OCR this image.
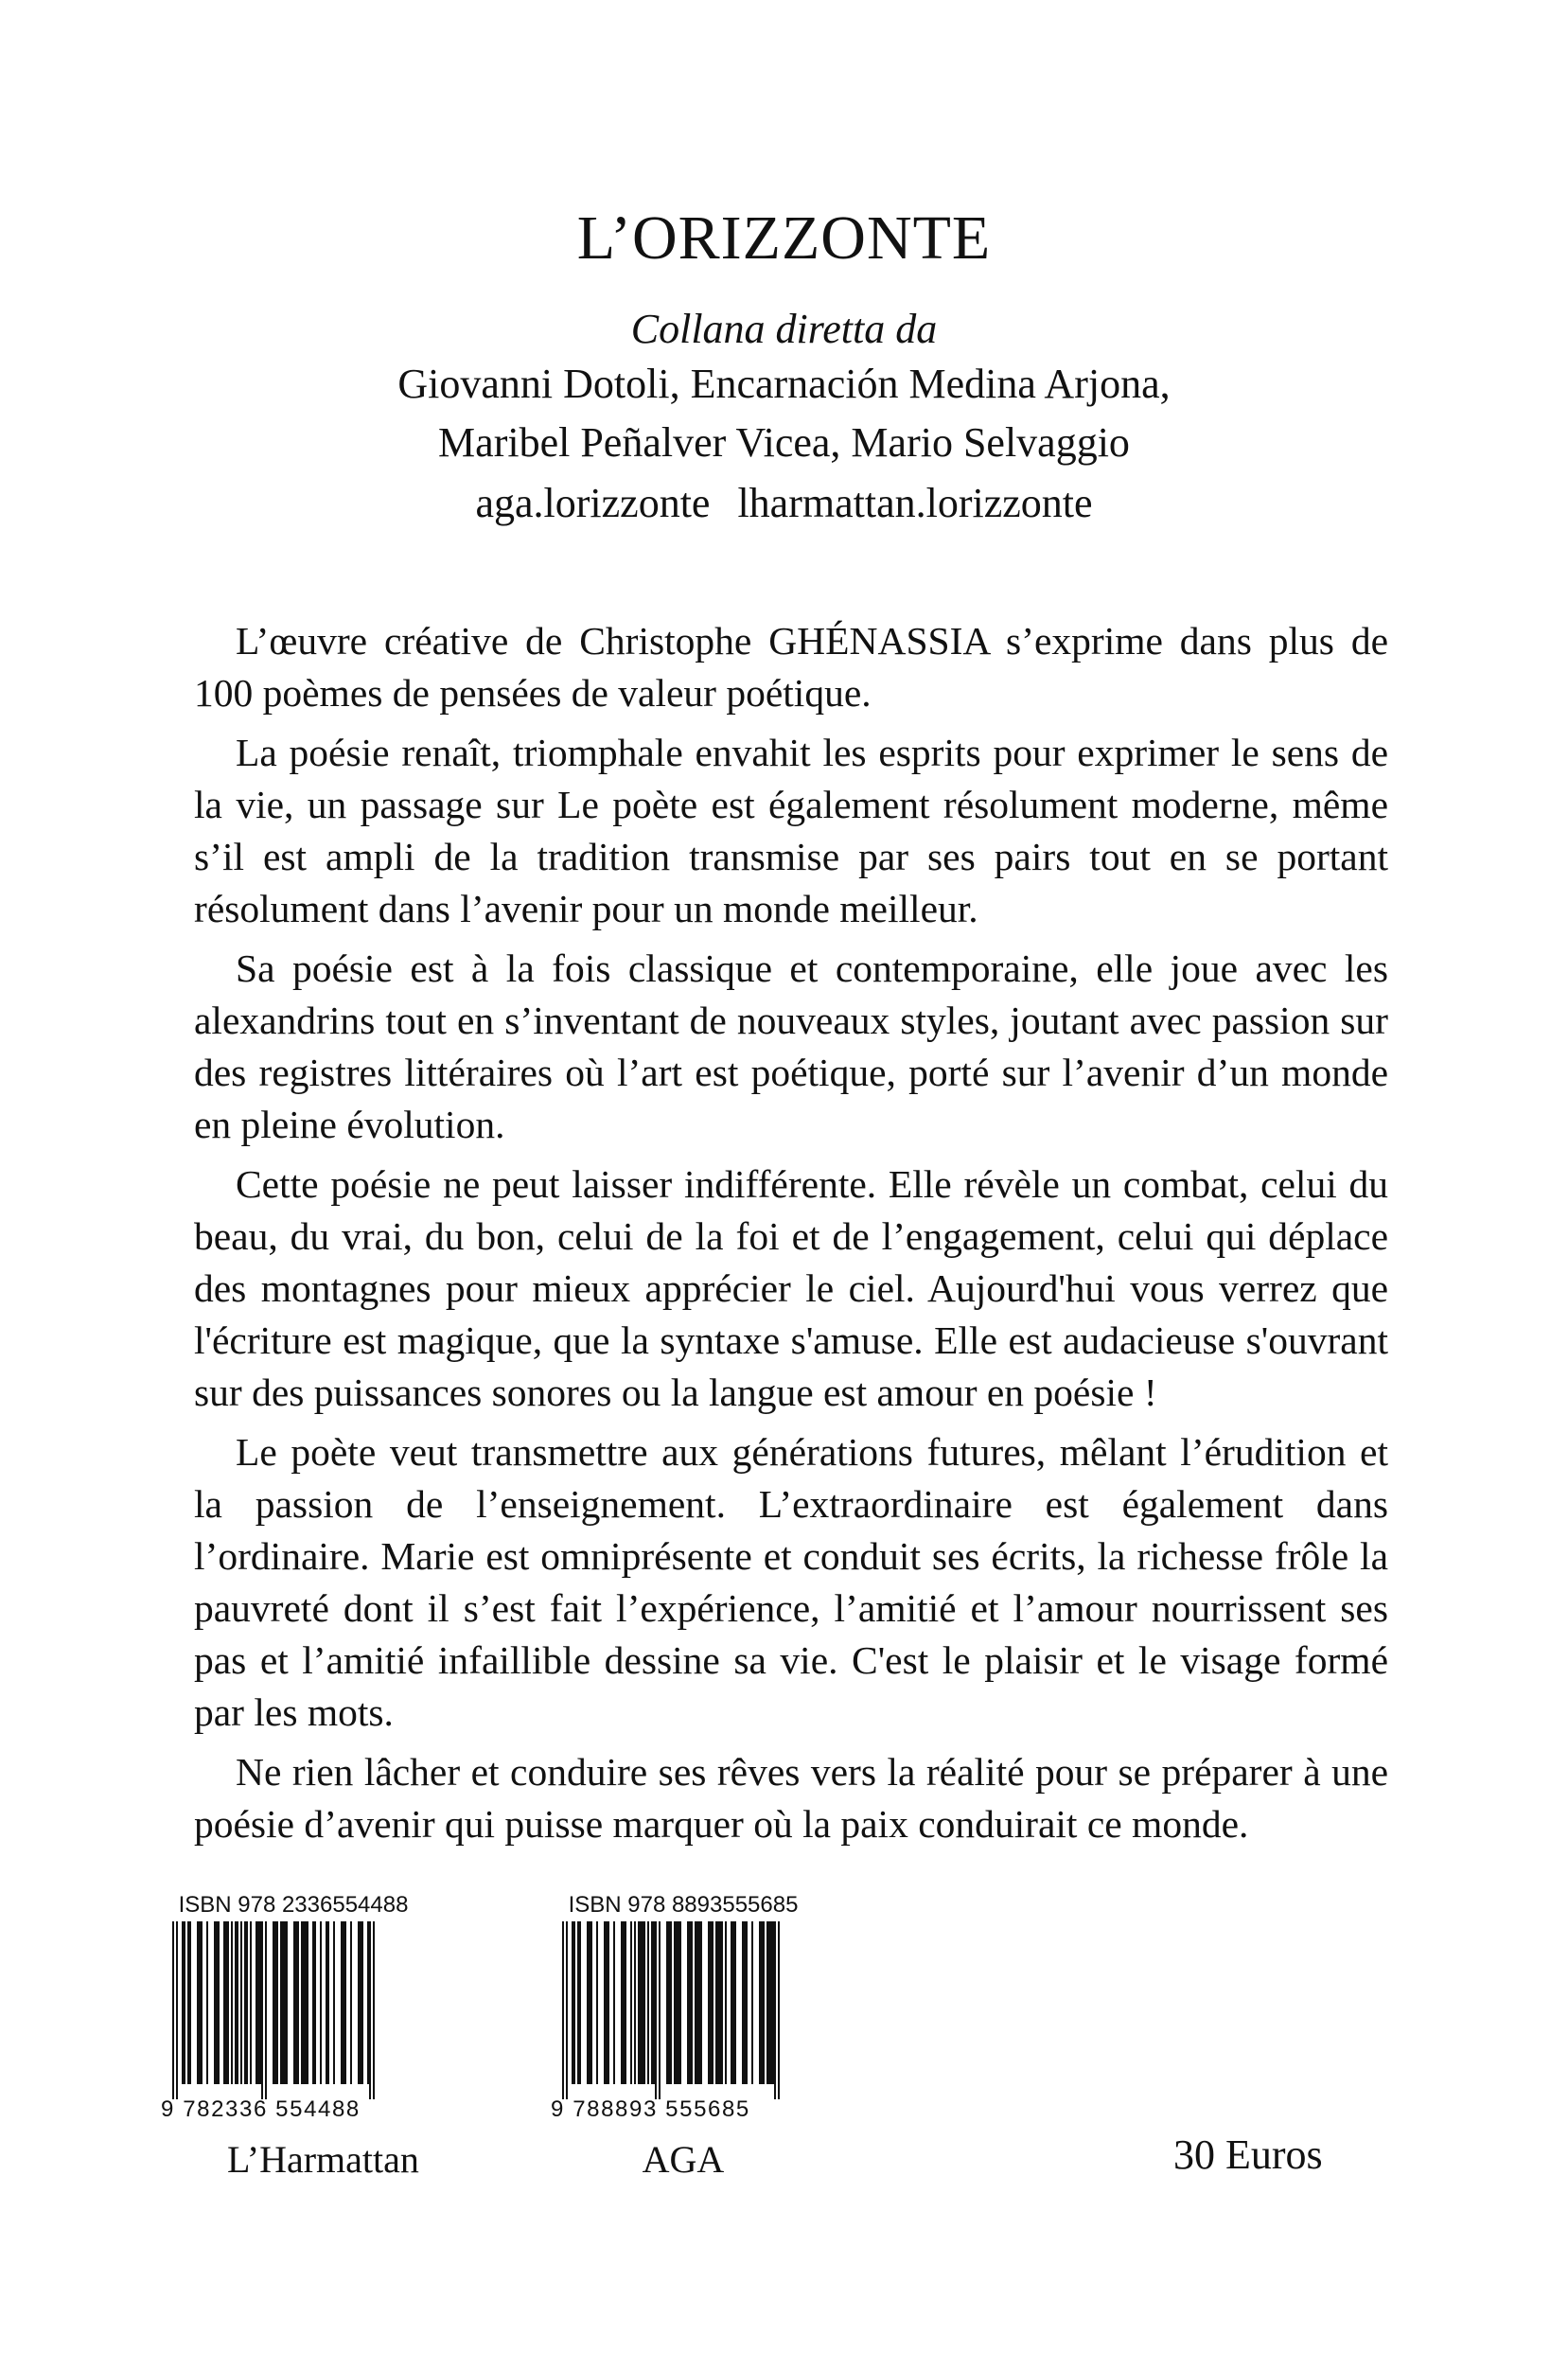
L’ORIZZONTE
Collana diretta da
Giovanni Dotoli, Encarnación Medina Arjona,
Maribel Peñalver Vicea, Mario Selvaggio
aga.lorizzonte lharmattan.lorizzonte

L’œuvre créative de Christophe GHÉNASSIA s’exprime dans plus de 100 poèmes de pensées de valeur poétique.

La poésie renaît, triomphale envahit les esprits pour exprimer le sens de la vie, un passage sur Le poète est également résolument moderne, même s’il est ampli de la tradition transmise par ses pairs tout en se portant résolument dans l’avenir pour un monde meilleur.

Sa poésie est à la fois classique et contemporaine, elle joue avec les alexandrins tout en s’inventant de nouveaux styles, joutant avec passion sur des registres littéraires où l’art est poétique, porté sur l’avenir d’un monde en pleine évolution.

Cette poésie ne peut laisser indifférente. Elle révèle un combat, celui du beau, du vrai, du bon, celui de la foi et de l’engagement, celui qui déplace des montagnes pour mieux apprécier le ciel. Aujourd'hui vous verrez que l'écriture est magique, que la syntaxe s'amuse. Elle est audacieuse s'ouvrant sur des puissances sonores ou la langue est amour en poésie !

Le poète veut transmettre aux générations futures, mêlant l’érudition et la passion de l’enseignement. L’extraordinaire est également dans l’ordinaire. Marie est omniprésente et conduit ses écrits, la richesse frôle la pauvreté dont il s’est fait l’expérience, l’amitié et l’amour nourrissent ses pas et l’amitié infaillible dessine sa vie. C'est le plaisir et le visage formé par les mots.

Ne rien lâcher et conduire ses rêves vers la réalité pour se préparer à une poésie d’avenir qui puisse marquer où la paix conduirait ce monde.

ISBN 978 2336554488
9 782336 554488
L’Harmattan
ISBN 978 8893555685
9 788893 555685
AGA	30 Euros
